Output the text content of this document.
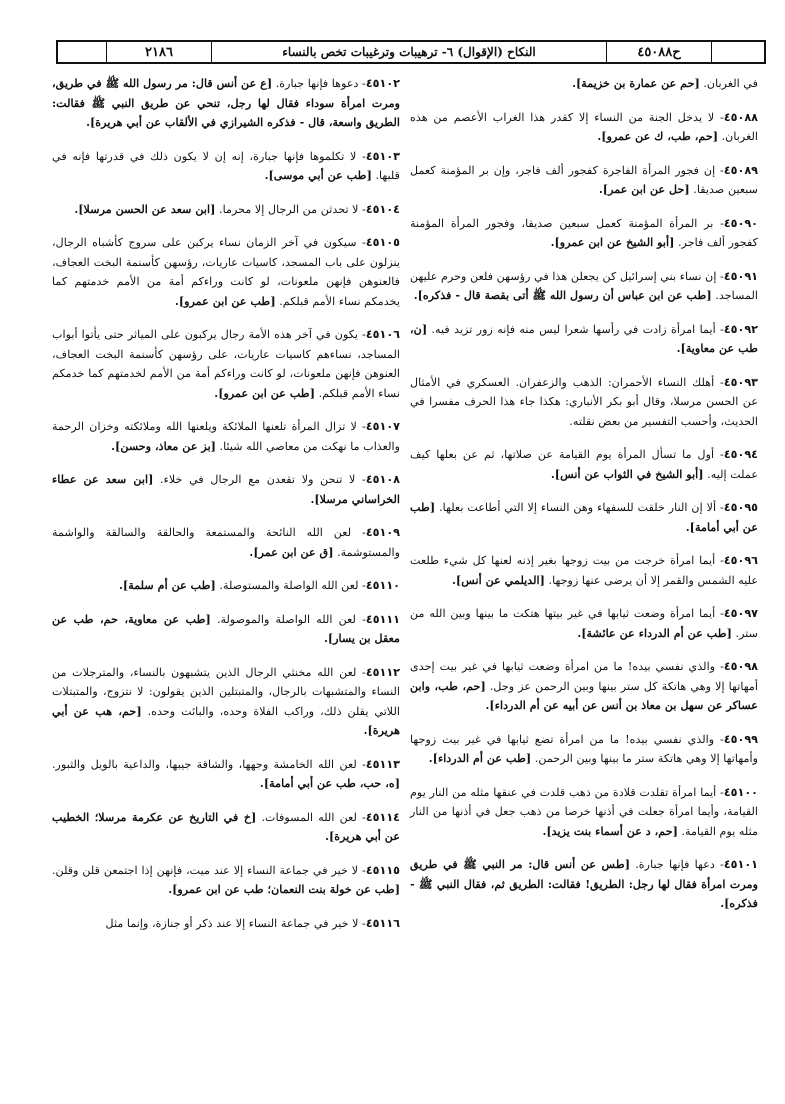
ح٤٥٠٨٨
النكاح (الإقوال) ٦- ترهيبات وترغيبات تخص بالنساء
٢١٨٦

في الغربان. [حم عن عمارة بن خزيمة].

٤٥٠٨٨- لا يدخل الجنة من النساء إلا كقدر هذا الغراب الأعصم من هذه الغربان. [حم، طب، ك عن عمرو].

٤٥٠٨٩- إن فجور المرأة الفاجرة كفجور ألف فاجر، وإن بر المؤمنة كعمل سبعين صديقا. [حل عن ابن عمر].

٤٥٠٩٠- بر المرأة المؤمنة كعمل سبعين صديقا، وفجور المرأة المؤمنة كفجور ألف فاجر. [أبو الشيخ عن ابن عمرو].

٤٥٠٩١- إن نساء بني إسرائيل كن يجعلن هذا في رؤسهن فلعن وحرم عليهن المساجد. [طب عن ابن عباس أن رسول الله ﷺ أتى بقصة قال - فذكره].

٤٥٠٩٢- أيما امرأة زادت في رأسها شعرا ليس منه فإنه زور تزيد فيه. [ن، طب عن معاوية].

٤٥٠٩٣- أهلك النساء الأحمران: الذهب والزعفران. العسكري في الأمثال عن الحسن مرسلا، وقال أبو بكر الأنباري: هكذا جاء هذا الحرف مفسرا في الحديث، وأحسب التفسير من بعض نقلته.

٤٥٠٩٤- أول ما تسأل المرأة يوم القيامة عن صلاتها، ثم عن بعلها كيف عملت إليه. [أبو الشيخ في الثواب عن أنس].

٤٥٠٩٥- ألا إن النار خلقت للسفهاء وهن النساء إلا التي أطاعت بعلها. [طب عن أبي أمامة].

٤٥٠٩٦- أيما امرأة خرجت من بيت زوجها بغير إذنه لعنها كل شيء طلعت عليه الشمس والقمر إلا أن يرضى عنها زوجها. [الديلمي عن أنس].

٤٥٠٩٧- أيما امرأة وضعت ثيابها في غير بيتها هتكت ما بينها وبين الله من ستر. [طب عن أم الدرداء عن عائشة].

٤٥٠٩٨- والذي نفسي بيده! ما من امرأة وضعت ثيابها في غير بيت إحدى أمهاتها إلا وهي هاتكة كل ستر بينها وبين الرحمن عز وجل. [حم، طب، وابن عساكر عن سهل بن معاذ بن أنس عن أبيه عن أم الدرداء].

٤٥٠٩٩- والذي نفسي بيده! ما من امرأة تضع ثيابها في غير بيت زوجها وأمهاتها إلا وهي هاتكة ستر ما بينها وبين الرحمن. [طب عن أم الدرداء].

٤٥١٠٠- أيما امرأة تقلدت قلادة من ذهب قلدت في عنقها مثله من النار يوم القيامة، وأيما امرأة جعلت في أذنها خرصا من ذهب جعل في أذنها من النار مثله يوم القيامة. [حم، د عن أسماء بنت يزيد].

٤٥١٠١- دعها فإنها جبارة. [طس عن أنس قال: مر النبي ﷺ في طريق ومرت امرأة فقال لها رجل: الطريق! فقالت: الطريق ثم، فقال النبي ﷺ - فذكره].

٤٥١٠٢- دعوها فإنها جبارة. [ع عن أنس قال: مر رسول الله ﷺ في طريق، ومرت امرأة سوداء فقال لها رجل، تنحي عن طريق النبي ﷺ فقالت: الطريق واسعة، قال - فذكره الشيرازي في الألقاب عن أبي هريرة].

٤٥١٠٣- لا تكلموها فإنها جبارة، إنه إن لا يكون ذلك في قدرتها فإنه في قلبها. [طب عن أبي موسى].

٤٥١٠٤- لا تحدثن من الرجال إلا محرما. [ابن سعد عن الحسن مرسلا].

٤٥١٠٥- سيكون في آخر الزمان نساء يركبن على سروج كأشباه الرجال، ينزلون على باب المسجد، كاسيات عاريات، رؤسهن كأسنمة البخت العجاف، فالعنوهن فإنهن ملعونات، لو كانت وراءكم أمة من الأمم خدمتهم كما يخدمكم نساء الأمم قبلكم. [طب عن ابن عمرو].

٤٥١٠٦- يكون في آخر هذه الأمة رجال يركبون على المياثر حتى يأتوا أبواب المساجد، نساءهم كاسيات عاريات، على رؤسهن كأسنمة البخت العجاف، العنوهن فإنهن ملعونات، لو كانت وراءكم أمة من الأمم لخدمتهم كما خدمكم نساء الأمم قبلكم. [طب عن ابن عمرو].

٤٥١٠٧- لا تزال المرأة تلعنها الملائكة ويلعنها الله وملائكته وخزان الرحمة والعذاب ما نهكت من معاصي الله شيئا. [بز عن معاذ، وحسن].

٤٥١٠٨- لا تنحن ولا تقعدن مع الرجال في خلاء. [ابن سعد عن عطاء الخراساني مرسلا].

٤٥١٠٩- لعن الله النائحة والمستمعة والحالقة والسالقة والواشمة والمستوشمة. [ق عن ابن عمر].

٤٥١١٠- لعن الله الواصلة والمستوصلة. [طب عن أم سلمة].

٤٥١١١- لعن الله الواصلة والموصولة. [طب عن معاوية، حم، طب عن معقل بن يسار].

٤٥١١٢- لعن الله مخنثي الرجال الذين يتشبهون بالنساء، والمترجلات من النساء والمتشبهات بالرجال، والمتبتلين الذين يقولون: لا نتزوج، والمتبتلات اللاتي يقلن ذلك، وراكب الفلاة وحده، والبائت وحده. [حم، هب عن أبي هريرة].

٤٥١١٣- لعن الله الخامشة وجهها، والشاقة جيبها، والداعية بالويل والثبور. [ه، حب، طب عن أبي أمامة].

٤٥١١٤- لعن الله المسوفات. [خ في التاريخ عن عكرمة مرسلا؛ الخطيب عن أبي هريرة].

٤٥١١٥- لا خير في جماعة النساء إلا عند ميت، فإنهن إذا اجتمعن قلن وقلن. [طب عن خولة بنت النعمان؛ طب عن ابن عمرو].

٤٥١١٦- لا خير في جماعة النساء إلا عند ذكر أو جنازة، وإنما مثل
